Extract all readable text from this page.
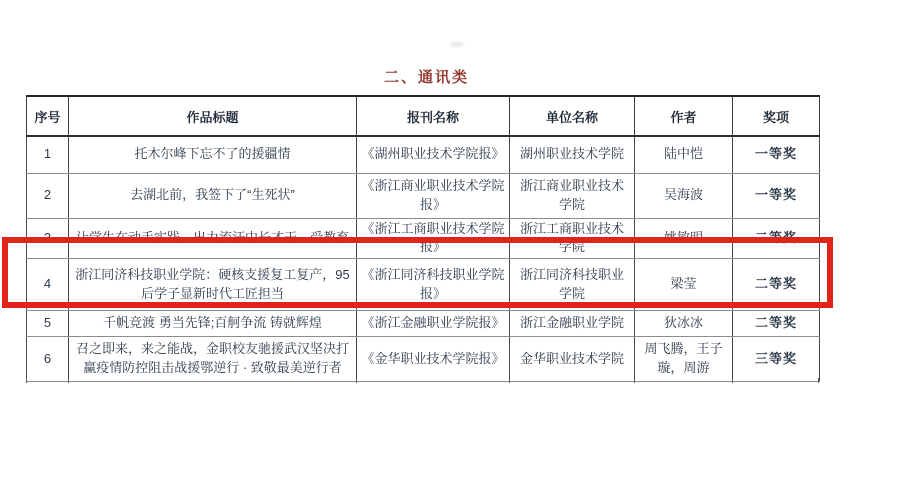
二、通讯类
序号	作品标题	报刊名称	单位名称	作者	奖项
1	托木尔峰下忘不了的援疆情	《湖州职业技术学院报》	湖州职业技术学院	陆中恺	一等奖
2	去湖北前，我签下了“生死状”	《浙江商业职业技术学院报》	浙江商业职业技术学院	吴海波	一等奖
3	让学生在动手实践、出力流汗中长才干、受教育	《浙江工商职业技术学院报》	浙江工商职业技术学院	姚敏明	二等奖
4	浙江同济科技职业学院：硬核支援复工复产，95 后学子显新时代工匠担当	《浙江同济科技职业学院报》	浙江同济科技职业学院	梁莹	二等奖
5	千帆竞渡 勇当先锋;百舸争流 铸就辉煌	《浙江金融职业学院报》	浙江金融职业学院	狄冰冰	二等奖
6	召之即来，来之能战，金职校友驰援武汉坚决打赢疫情防控阻击战援鄂逆行 · 致敬最美逆行者	《金华职业技术学院报》	金华职业技术学院	周飞腾，王子璇，周游	三等奖
